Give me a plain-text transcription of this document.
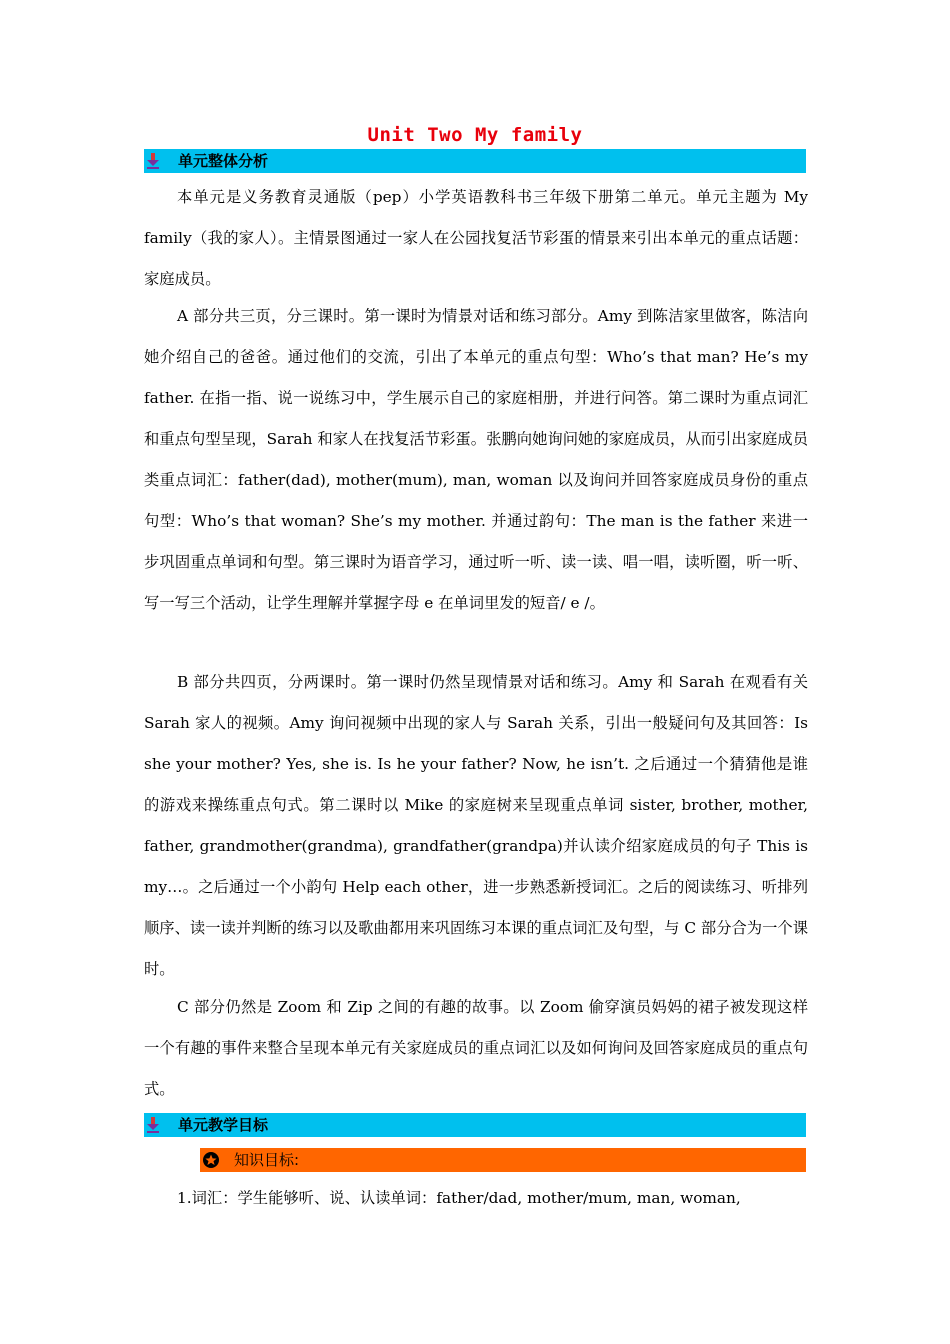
Unit Two My family
单元整体分析

本单元是义务教育灵通版（pep）小学英语教科书三年级下册第二单元。单元主题为 My family（我的家人）。主情景图通过一家人在公园找复活节彩蛋的情景来引出本单元的重点话题：家庭成员。

A 部分共三页，分三课时。第一课时为情景对话和练习部分。Amy 到陈洁家里做客，陈洁向她介绍自己的爸爸。通过他们的交流，引出了本单元的重点句型：Who’s that man? He’s my father. 在指一指、说一说练习中，学生展示自己的家庭相册，并进行问答。第二课时为重点词汇和重点句型呈现，Sarah 和家人在找复活节彩蛋。张鹏向她询问她的家庭成员，从而引出家庭成员类重点词汇：father(dad), mother(mum), man, woman 以及询问并回答家庭成员身份的重点句型：Who’s that woman? She’s my mother. 并通过韵句：The man is the father 来进一步巩固重点单词和句型。第三课时为语音学习，通过听一听、读一读、唱一唱，读听圈，听一听、写一写三个活动，让学生理解并掌握字母 e 在单词里发的短音/ e /。

B 部分共四页，分两课时。第一课时仍然呈现情景对话和练习。Amy 和 Sarah 在观看有关 Sarah 家人的视频。Amy 询问视频中出现的家人与 Sarah 关系，引出一般疑问句及其回答：Is she your mother? Yes, she is. Is he your father? Now, he isn’t. 之后通过一个猜猜他是谁的游戏来操练重点句式。第二课时以 Mike 的家庭树来呈现重点单词 sister, brother, mother, father, grandmother(grandma), grandfather(grandpa)并认读介绍家庭成员的句子 This is my…。之后通过一个小韵句 Help each other，进一步熟悉新授词汇。之后的阅读练习、听排列顺序、读一读并判断的练习以及歌曲都用来巩固练习本课的重点词汇及句型，与 C 部分合为一个课时。

C 部分仍然是 Zoom 和 Zip 之间的有趣的故事。以 Zoom 偷穿演员妈妈的裙子被发现这样一个有趣的事件来整合呈现本单元有关家庭成员的重点词汇以及如何询问及回答家庭成员的重点句式。

单元教学目标
知识目标:

1.词汇：学生能够听、说、认读单词：father/dad, mother/mum, man, woman,
